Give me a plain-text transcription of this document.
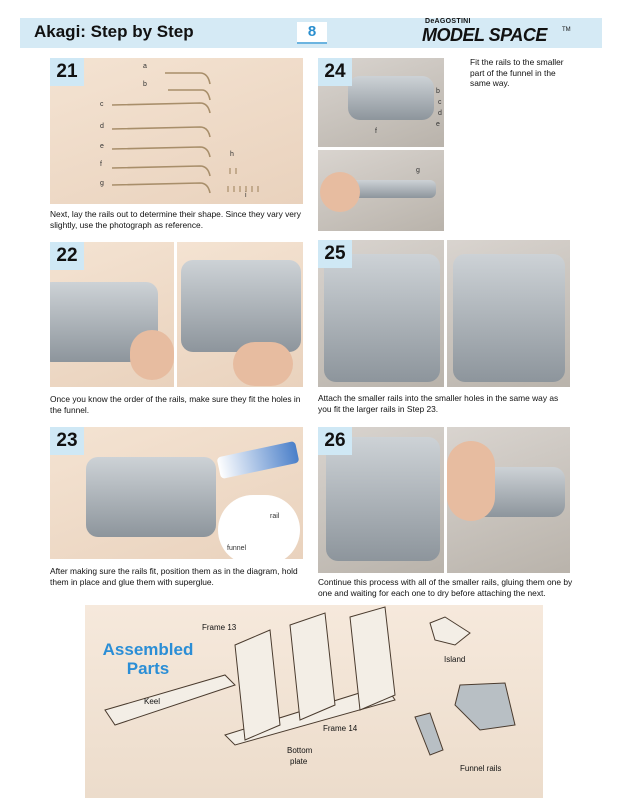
Akagi: Step by Step	8
DeAGOSTINI
MODEL SPACE	TM
21	a
b
c
d
e
f
g
h
i
Next, lay the rails out to determine their shape. Since they vary very slightly, use the photograph as reference.
24
b
c
d
e
f
g
Fit the rails to the smaller part of the funnel in the same way.
22
Once you know the order of the rails, make sure they fit the holes in the funnel.
25
Attach the smaller rails into the smaller holes in the same way as you fit the larger rails in Step 23.
23
rail
funnel
After making sure the rails fit, position them as in the diagram, hold them in place and glue them with superglue.
26
Continue this process with all of the smaller rails, gluing them one by one and waiting for each one to dry before attaching the next.
Assembled
Parts
Frame 13
Frame 14
Keel
Bottom
plate
Island
Funnel rails
